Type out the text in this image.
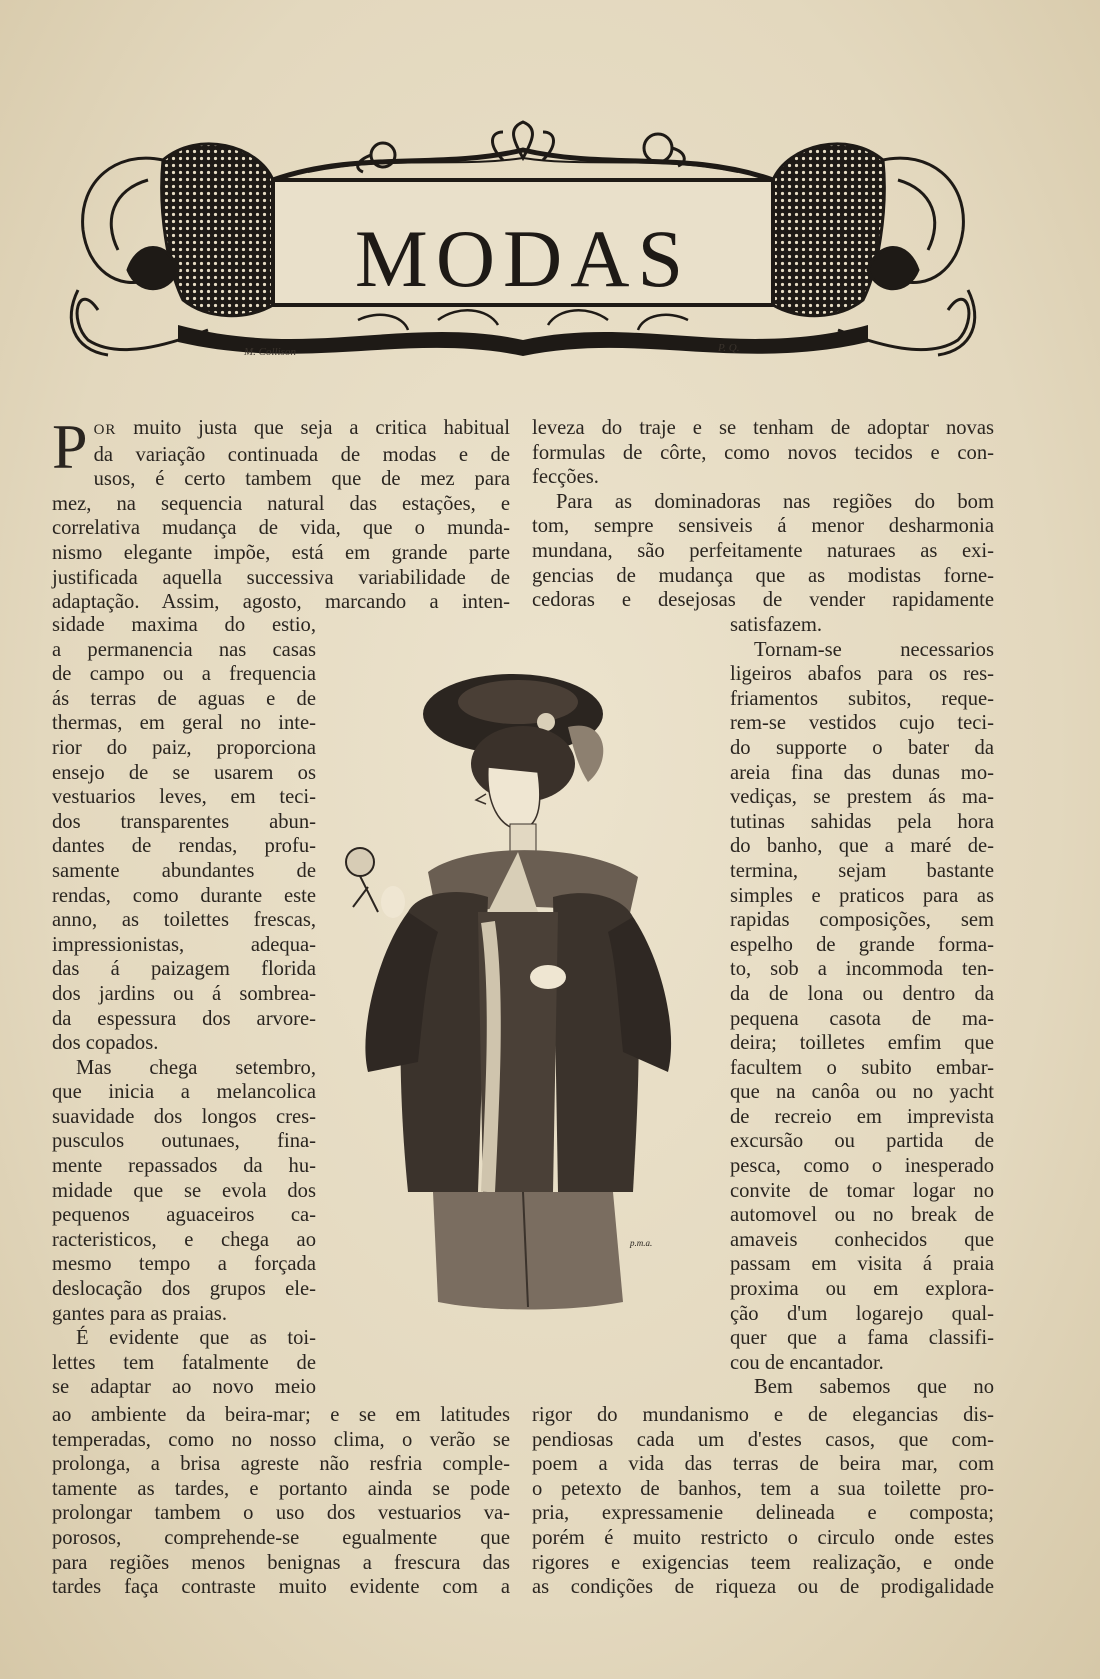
MODAS
M. Collison	P. Q.
P OR muito justa que seja a critica habitual
da variação continuada de modas e de
usos, é certo tambem que de mez para
mez, na sequencia natural das estações, e
correlativa mudança de vida, que o munda-
nismo elegante impõe, está em grande parte
justificada aquella successiva variabilidade de
adaptação. Assim, agosto, marcando a inten-
sidade maxima do estio,
a permanencia nas casas
de campo ou a frequencia
ás terras de aguas e de
thermas, em geral no inte-
rior do paiz, proporciona
ensejo de se usarem os
vestuarios leves, em teci-
dos transparentes abun-
dantes de rendas, profu-
samente abundantes de
rendas, como durante este
anno, as toilettes frescas,
impressionistas, adequa-
das á paizagem florida
dos jardins ou á sombrea-
da espessura dos arvore-
dos copados.
Mas chega setembro,
que inicia a melancolica
suavidade dos longos cres-
pusculos outunaes, fina-
mente repassados da hu-
midade que se evola dos
pequenos aguaceiros ca-
racteristicos, e chega ao
mesmo tempo a forçada
deslocação dos grupos ele-
gantes para as praias.
É evidente que as toi-
lettes tem fatalmente de
se adaptar ao novo meio
ao ambiente da beira-mar; e se em latitudes
temperadas, como no nosso clima, o verão se
prolonga, a brisa agreste não resfria comple-
tamente as tardes, e portanto ainda se pode
prolongar tambem o uso dos vestuarios va-
porosos, comprehende-se egualmente que
para regiões menos benignas a frescura das
tardes faça contraste muito evidente com a
leveza do traje e se tenham de adoptar novas
formulas de côrte, como novos tecidos e con-
fecções.
Para as dominadoras nas regiões do bom
tom, sempre sensiveis á menor desharmonia
mundana, são perfeitamente naturaes as exi-
gencias de mudança que as modistas forne-
cedoras e desejosas de vender rapidamente
satisfazem.
Tornam-se necessarios
ligeiros abafos para os res-
friamentos subitos, reque-
rem-se vestidos cujo teci-
do supporte o bater da
areia fina das dunas mo-
vediças, se prestem ás ma-
tutinas sahidas pela hora
do banho, que a maré de-
termina, sejam bastante
simples e praticos para as
rapidas composições, sem
espelho de grande forma-
to, sob a incommoda ten-
da de lona ou dentro da
pequena casota de ma-
deira; toilletes emfim que
facultem o subito embar-
que na canôa ou no yacht
de recreio em imprevista
excursão ou partida de
pesca, como o inesperado
convite de tomar logar no
automovel ou no break de
amaveis conhecidos que
passam em visita á praia
proxima ou em explora-
ção d'um logarejo qual-
quer que a fama classifi-
cou de encantador.
Bem sabemos que no
rigor do mundanismo e de elegancias dis-
pendiosas cada um d'estes casos, que com-
poem a vida das terras de beira mar, com
o petexto de banhos, tem a sua toilette pro-
pria, expressamenie delineada e composta;
porém é muito restricto o circulo onde estes
rigores e exigencias teem realização, e onde
as condições de riqueza ou de prodigalidade
p.m.a.
